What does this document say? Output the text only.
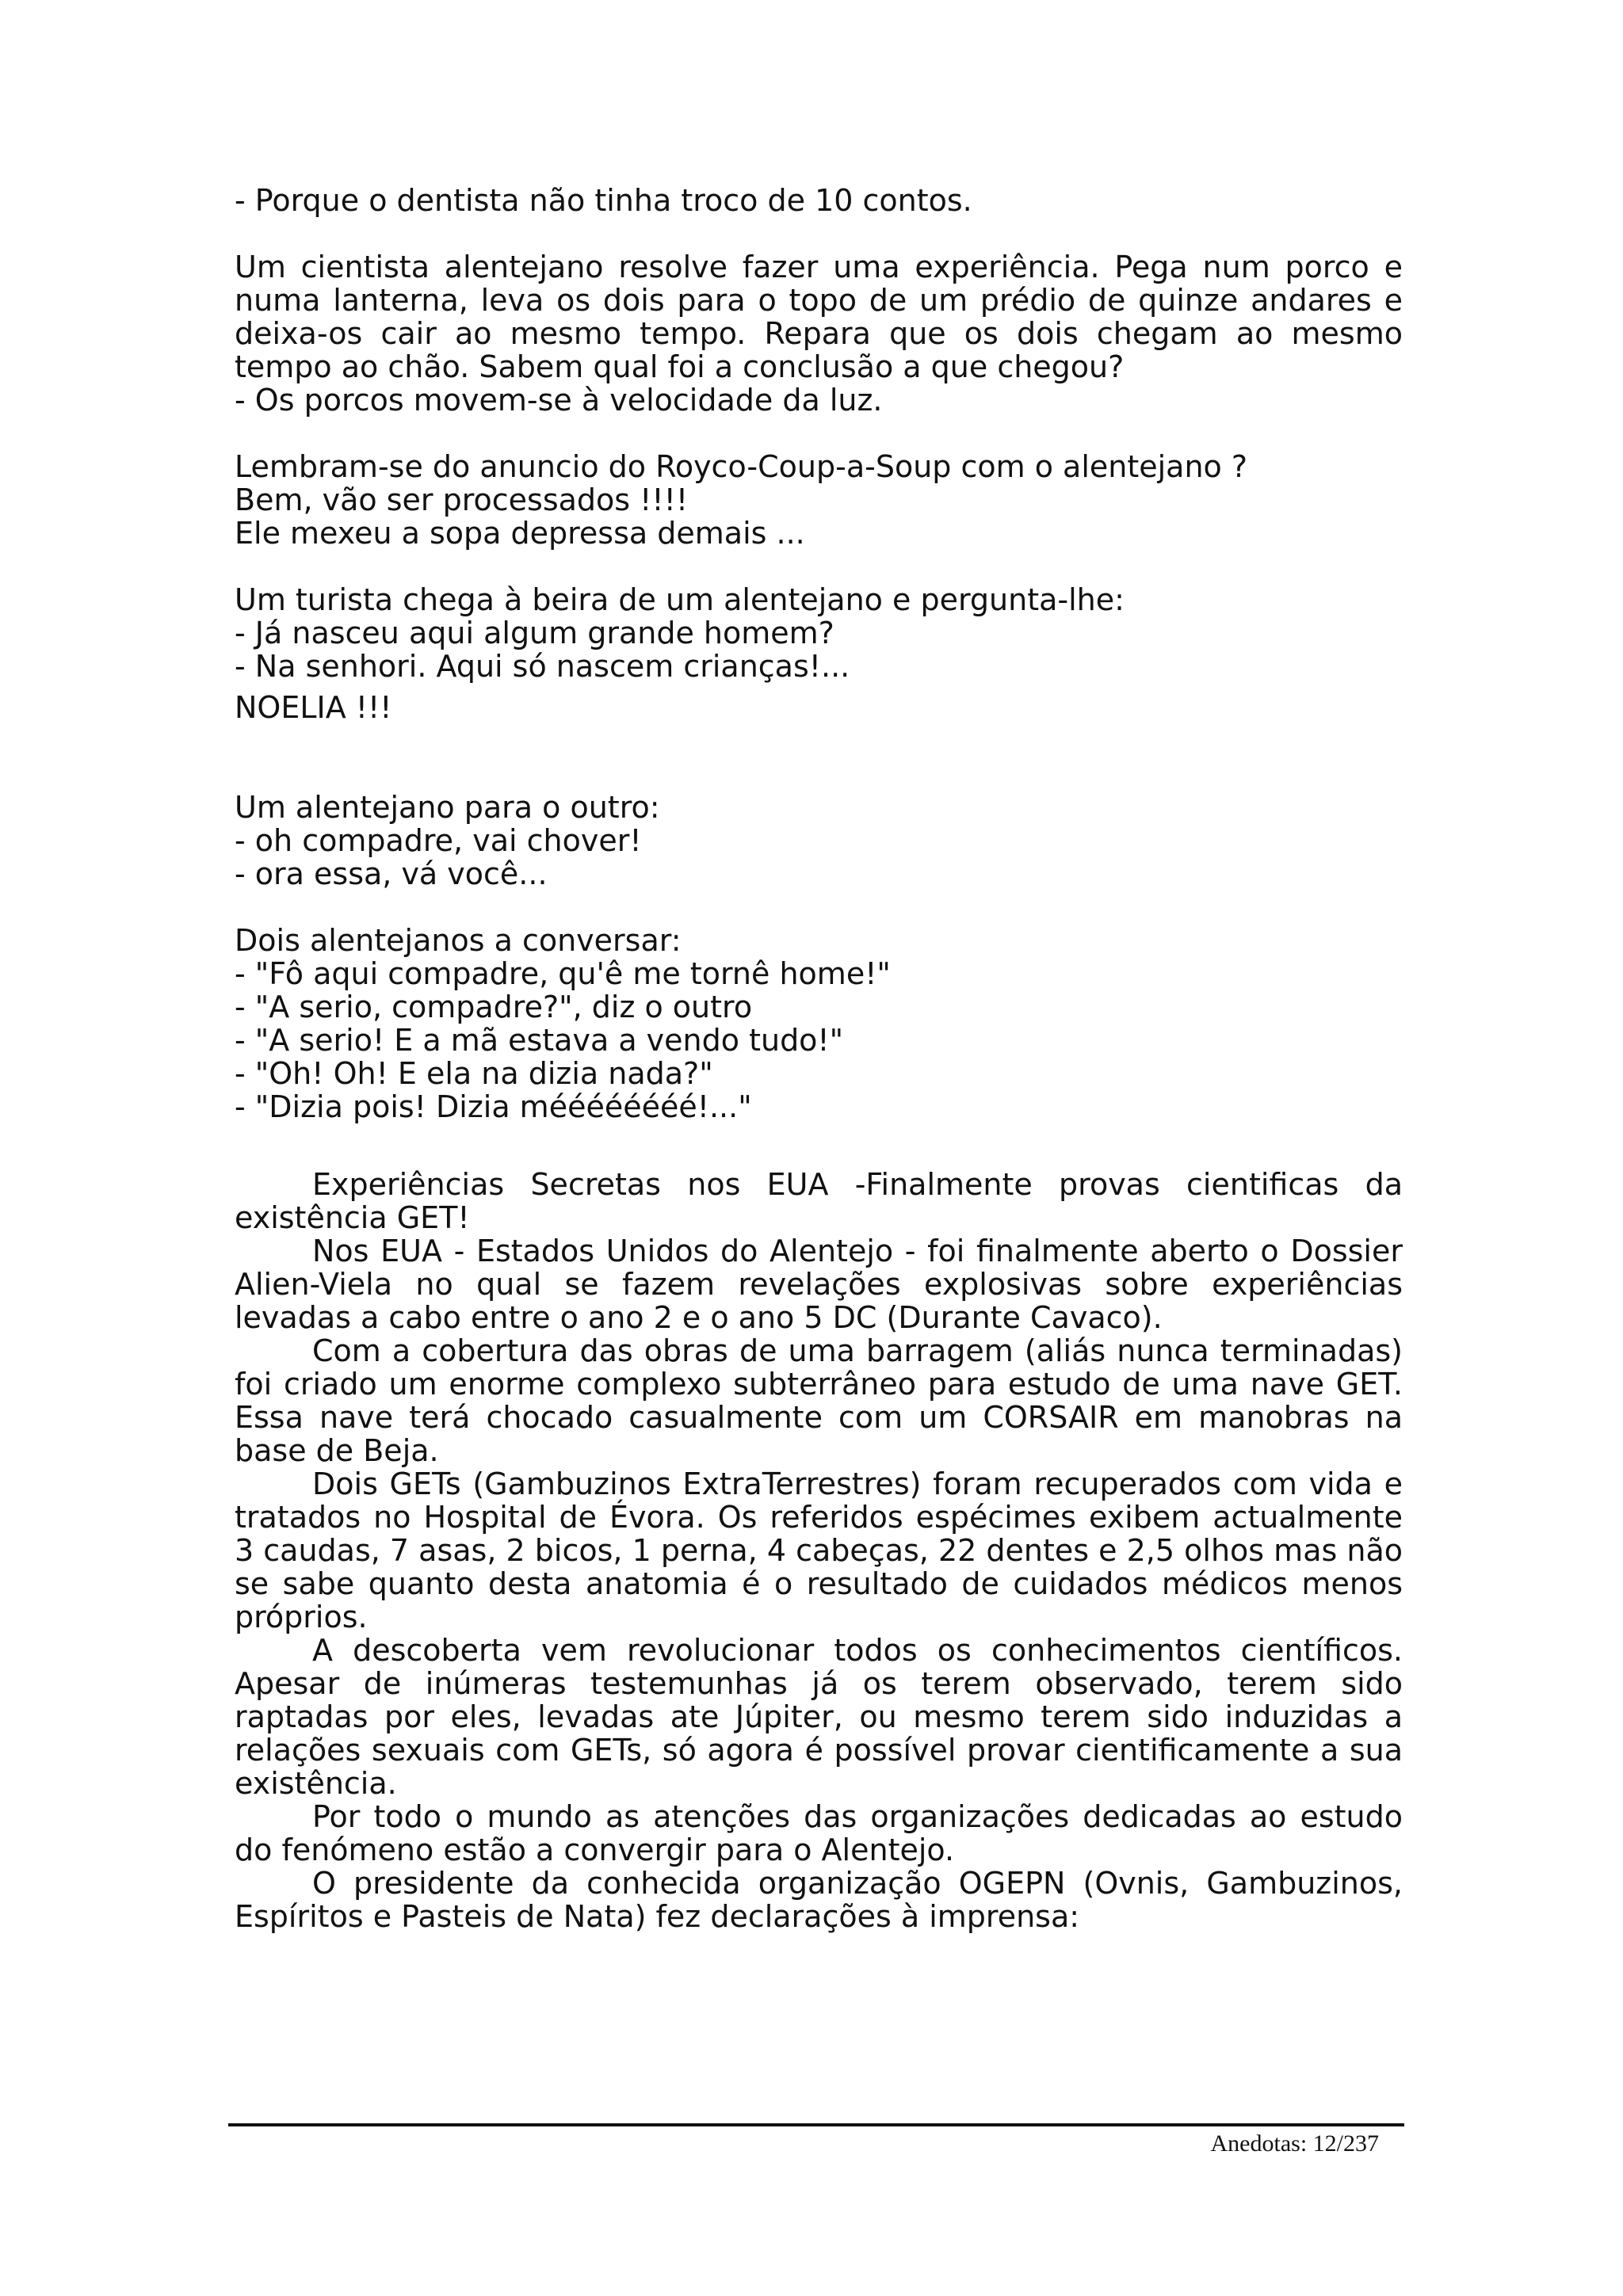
- Porque o dentista não tinha troco de 10 contos.
Um cientista alentejano resolve fazer uma experiência. Pega num porco e numa lanterna, leva os dois para o topo de um prédio de quinze andares e deixa-os cair ao mesmo tempo. Repara que os dois chegam ao mesmo tempo ao chão. Sabem qual foi a conclusão a que chegou?
- Os porcos movem-se à velocidade da luz.
Lembram-se do anuncio do Royco-Coup-a-Soup com o alentejano ?
Bem, vão ser processados !!!!
Ele mexeu a sopa depressa demais ...
Um turista chega à beira de um alentejano e pergunta-lhe:
- Já nasceu aqui algum grande homem?
- Na senhori. Aqui só nascem crianças!...
NOELIA !!!
Um alentejano para o outro:
- oh compadre, vai chover!
- ora essa, vá você...
Dois alentejanos a conversar:
- "Fô aqui compadre, qu'ê me tornê home!"
- "A serio, compadre?", diz o outro
- "A serio! E a mã estava a vendo tudo!"
- "Oh! Oh! E ela na dizia nada?"
- "Dizia pois! Dizia méééééééé!..."
Experiências Secretas nos EUA -Finalmente provas cientificas da existência GET!
Nos EUA - Estados Unidos do Alentejo - foi finalmente aberto o Dossier Alien-Viela no qual se fazem revelações explosivas sobre experiências levadas a cabo entre o ano 2 e o ano 5 DC (Durante Cavaco).
Com a cobertura das obras de uma barragem (aliás nunca terminadas) foi criado um enorme complexo subterrâneo para estudo de uma nave GET. Essa nave terá chocado casualmente com um CORSAIR em manobras na base de Beja.
Dois GETs (Gambuzinos ExtraTerrestres) foram recuperados com vida e tratados no Hospital de Évora. Os referidos espécimes exibem actualmente 3 caudas, 7 asas, 2 bicos, 1 perna, 4 cabeças, 22 dentes e 2,5 olhos mas não se sabe quanto desta anatomia é o resultado de cuidados médicos menos próprios.
A descoberta vem revolucionar todos os conhecimentos científicos. Apesar de inúmeras testemunhas já os terem observado, terem sido raptadas por eles, levadas ate Júpiter, ou mesmo terem sido induzidas a relações sexuais com GETs, só agora é possível provar cientificamente a sua existência.
Por todo o mundo as atenções das organizações dedicadas ao estudo do fenómeno estão a convergir para o Alentejo.
O presidente da conhecida organização OGEPN (Ovnis, Gambuzinos, Espíritos e Pasteis de Nata) fez declarações à imprensa:
Anedotas: 12/237
